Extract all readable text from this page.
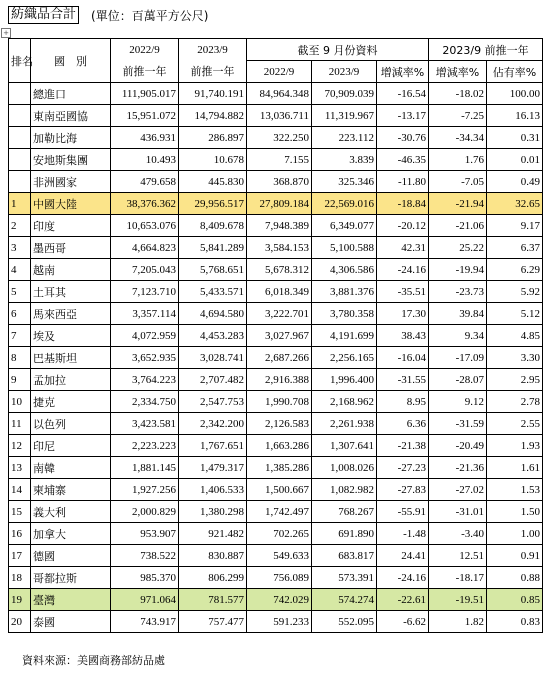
紡織品合計 (單位：百萬平方公尺)
+
排名	國　別	2022/9	2023/9	截至 9 月份資料			2023/9 前推一年	
		前推一年	前推一年	2022/9	2023/9	增減率%	增減率%	佔有率%
	總進口	111,905.017	91,740.191	84,964.348	70,909.039	-16.54	-18.02	100.00
	東南亞國協	15,951.072	14,794.882	13,036.711	11,319.967	-13.17	-7.25	16.13
	加勒比海	436.931	286.897	322.250	223.112	-30.76	-34.34	0.31
	安地斯集團	10.493	10.678	7.155	3.839	-46.35	1.76	0.01
	非洲國家	479.658	445.830	368.870	325.346	-11.80	-7.05	0.49
1	中國大陸	38,376.362	29,956.517	27,809.184	22,569.016	-18.84	-21.94	32.65
2	印度	10,653.076	8,409.678	7,948.389	6,349.077	-20.12	-21.06	9.17
3	墨西哥	4,664.823	5,841.289	3,584.153	5,100.588	42.31	25.22	6.37
4	越南	7,205.043	5,768.651	5,678.312	4,306.586	-24.16	-19.94	6.29
5	土耳其	7,123.710	5,433.571	6,018.349	3,881.376	-35.51	-23.73	5.92
6	馬來西亞	3,357.114	4,694.580	3,222.701	3,780.358	17.30	39.84	5.12
7	埃及	4,072.959	4,453.283	3,027.967	4,191.699	38.43	9.34	4.85
8	巴基斯坦	3,652.935	3,028.741	2,687.266	2,256.165	-16.04	-17.09	3.30
9	孟加拉	3,764.223	2,707.482	2,916.388	1,996.400	-31.55	-28.07	2.95
10	捷克	2,334.750	2,547.753	1,990.708	2,168.962	8.95	9.12	2.78
11	以色列	3,423.581	2,342.200	2,126.583	2,261.938	6.36	-31.59	2.55
12	印尼	2,223.223	1,767.651	1,663.286	1,307.641	-21.38	-20.49	1.93
13	南韓	1,881.145	1,479.317	1,385.286	1,008.026	-27.23	-21.36	1.61
14	柬埔寨	1,927.256	1,406.533	1,500.667	1,082.982	-27.83	-27.02	1.53
15	義大利	2,000.829	1,380.298	1,742.497	768.267	-55.91	-31.01	1.50
16	加拿大	953.907	921.482	702.265	691.890	-1.48	-3.40	1.00
17	德國	738.522	830.887	549.633	683.817	24.41	12.51	0.91
18	哥都拉斯	985.370	806.299	756.089	573.391	-24.16	-18.17	0.88
19	臺灣	971.064	781.577	742.029	574.274	-22.61	-19.51	0.85
20	泰國	743.917	757.477	591.233	552.095	-6.62	1.82	0.83
資料來源：美國商務部紡品處
